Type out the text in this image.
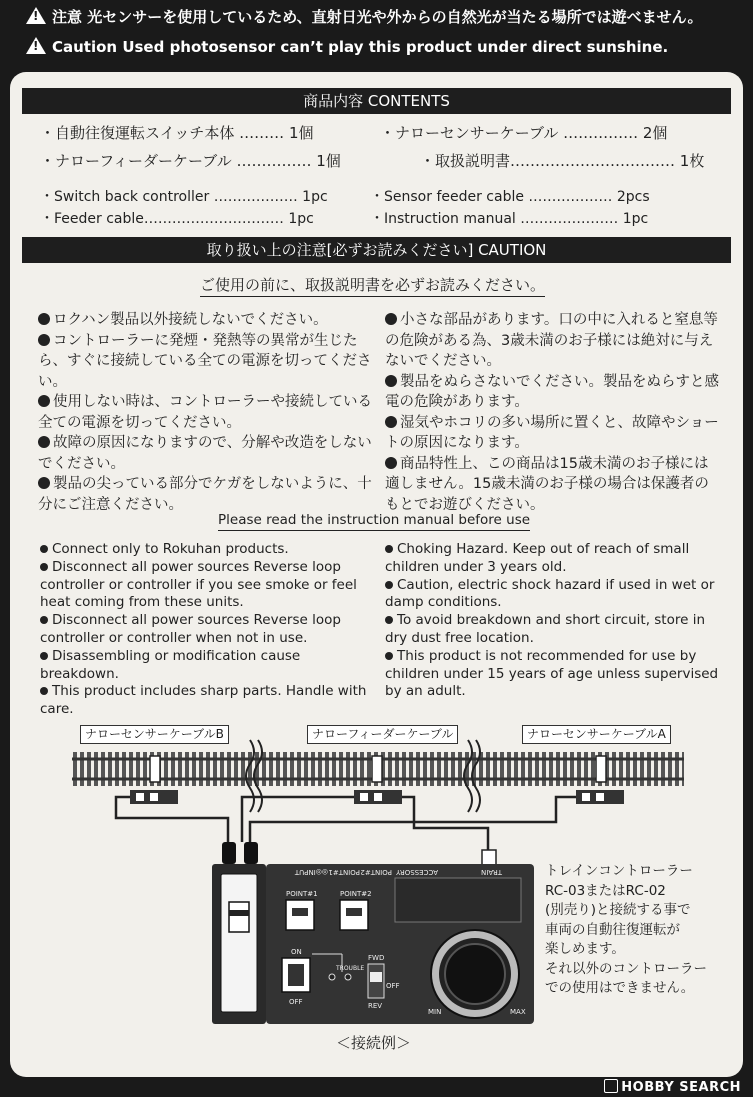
!注意 光センサーを使用しているため、直射日光や外からの自然光が当たる場所では遊べません。
!Caution Used photosensor can’t play this product under direct sunshine.
商品内容 CONTENTS
・自動往復運転スイッチ本体 ……… 1個	・ナローセンサーケーブル …………… 2個
・ナローフィーダーケーブル …………… 1個	・取扱説明書…………………………… 1枚
・Switch back controller ……………… 1pc	・Sensor feeder cable ……………… 2pcs
・Feeder cable………………………… 1pc	・Instruction manual ………………… 1pc
取り扱い上の注意[必ずお読みください] CAUTION
ご使用の前に、取扱説明書を必ずお読みください。
ロクハン製品以外接続しないでください。
コントローラーに発煙・発熱等の異常が生じたら、すぐに接続している全ての電源を切ってください。
使用しない時は、コントローラーや接続している全ての電源を切ってください。
故障の原因になりますので、分解や改造をしないでください。
製品の尖っている部分でケガをしないように、十分にご注意ください。
小さな部品があります。口の中に入れると窒息等の危険がある為、3歳未満のお子様には絶対に与えないでください。
製品をぬらさないでください。製品をぬらすと感電の危険があります。
湿気やホコリの多い場所に置くと、故障やショートの原因になります。
商品特性上、この商品は15歳未満のお子様には適しません。15歳未満のお子様の場合は保護者のもとでお遊びください。
Please read the instruction manual before use
Connect only to Rokuhan products.
Disconnect all power sources Reverse loop controller or controller if you see smoke or feel heat coming from these units.
Disconnect all power sources Reverse loop controller or controller when not in use.
Disassembling or modification cause breakdown.
This product includes sharp parts. Handle with care.
Choking Hazard. Keep out of reach of small children under 3 years old.
Caution, electric shock hazard if used in wet or damp conditions.
To avoid breakdown and short circuit, store in dry dust free location.
This product is not recommended for use by children under 15 years of age unless supervised by an adult.
ナローセンサーケーブルB	ナローフィーダーケーブル	ナローセンサーケーブルA
◎◎INPUT POINT#1 POINT#2 ACCESSORY	TRAIN
POINT#1	POINT#2
ON
OFF
TROUBLE
FWD
OFF
REV
MIN	MAX
トレインコントローラー
RC-03またはRC-02
(別売り)と接続する事で
車両の自動往復運転が
楽しめます。
それ以外のコントローラー
での使用はできません。
＜接続例＞
HOBBY SEARCH
